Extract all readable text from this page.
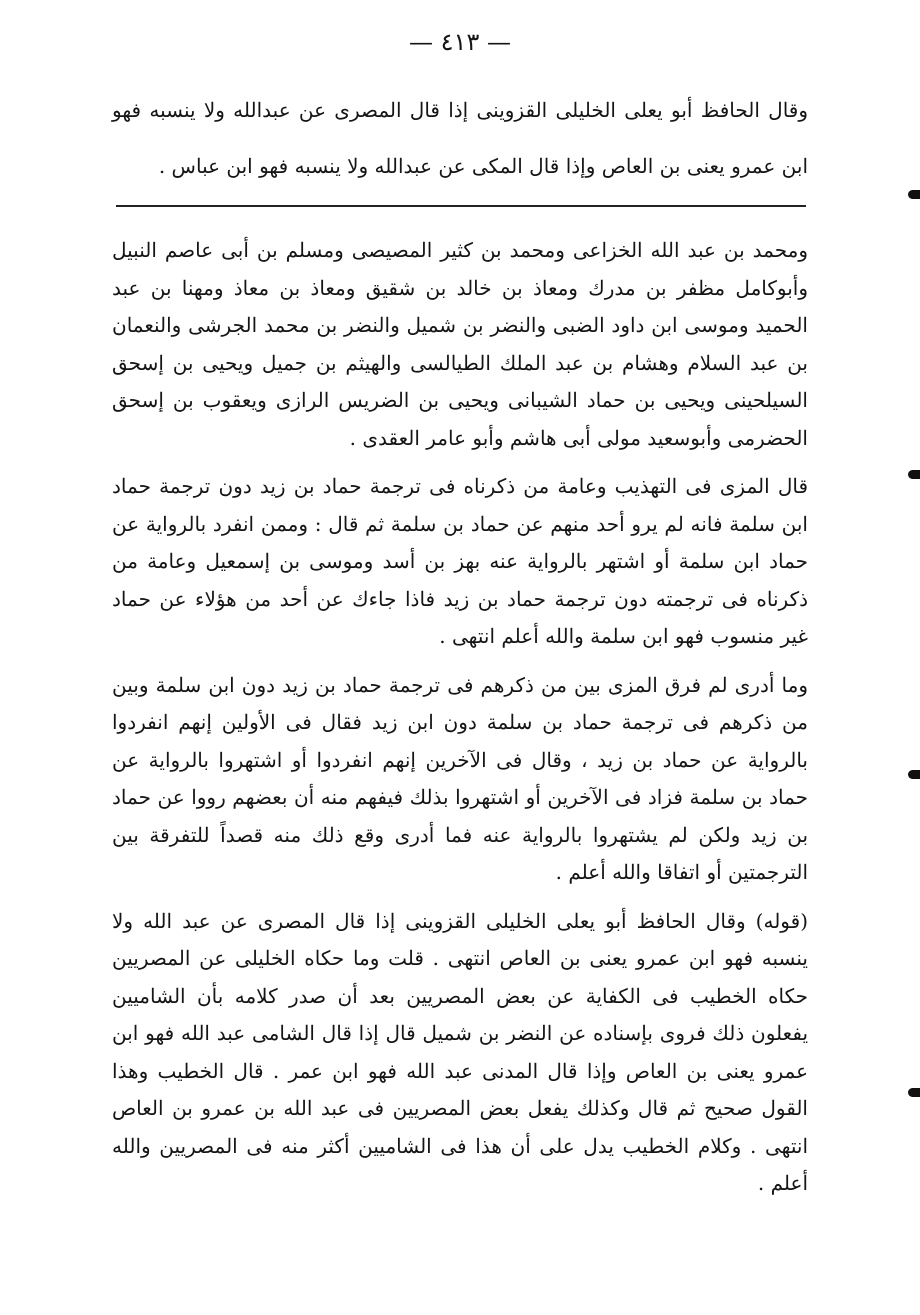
— ٤١٣ —

وقال الحافظ أبو يعلى الخليلى القزوينى إذا قال المصرى عن عبدالله ولا ينسبه فهو ابن عمرو يعنى بن العاص وإذا قال المكى عن عبدالله ولا ينسبه فهو ابن عباس .

ومحمد بن عبد الله الخزاعى ومحمد بن كثير المصيصى ومسلم بن أبى عاصم النبيل وأبوكامل مظفر بن مدرك ومعاذ بن خالد بن شقيق ومعاذ بن معاذ ومهنا بن عبد الحميد وموسى ابن داود الضبى والنضر بن شميل والنضر بن محمد الجرشى والنعمان بن عبد السلام وهشام بن عبد الملك الطيالسى والهيثم بن جميل ويحيى بن إسحق السيلحينى ويحيى بن حماد الشيبانى ويحيى بن الضريس الرازى ويعقوب بن إسحق الحضرمى وأبوسعيد مولى أبى هاشم وأبو عامر العقدى .

قال المزى فى التهذيب وعامة من ذكرناه فى ترجمة حماد بن زيد دون ترجمة حماد ابن سلمة فانه لم يرو أحد منهم عن حماد بن سلمة ثم قال : وممن انفرد بالرواية عن حماد ابن سلمة أو اشتهر بالرواية عنه بهز بن أسد وموسى بن إسمعيل وعامة من ذكرناه فى ترجمته دون ترجمة حماد بن زيد فاذا جاءك عن أحد من هؤلاء عن حماد غير منسوب فهو ابن سلمة والله أعلم انتهى .

وما أدرى لم فرق المزى بين من ذكرهم فى ترجمة حماد بن زيد دون ابن سلمة وبين من ذكرهم فى ترجمة حماد بن سلمة دون ابن زيد فقال فى الأولين إنهم انفردوا بالرواية عن حماد بن زيد ، وقال فى الآخرين إنهم انفردوا أو اشتهروا بالرواية عن حماد بن سلمة فزاد فى الآخرين أو اشتهروا بذلك فيفهم منه أن بعضهم رووا عن حماد بن زيد ولكن لم يشتهروا بالرواية عنه فما أدرى وقع ذلك منه قصداً للتفرقة بين الترجمتين أو اتفاقا والله أعلم .

(قوله) وقال الحافظ أبو يعلى الخليلى القزوينى إذا قال المصرى عن عبد الله ولا ينسبه فهو ابن عمرو يعنى بن العاص انتهى . قلت وما حكاه الخليلى عن المصريين حكاه الخطيب فى الكفاية عن بعض المصريين بعد أن صدر كلامه بأن الشاميين يفعلون ذلك فروى بإسناده عن النضر بن شميل قال إذا قال الشامى عبد الله فهو ابن عمرو يعنى بن العاص وإذا قال المدنى عبد الله فهو ابن عمر . قال الخطيب وهذا القول صحيح ثم قال وكذلك يفعل بعض المصريين فى عبد الله بن عمرو بن العاص انتهى . وكلام الخطيب يدل على أن هذا فى الشاميين أكثر منه فى المصريين والله أعلم .
